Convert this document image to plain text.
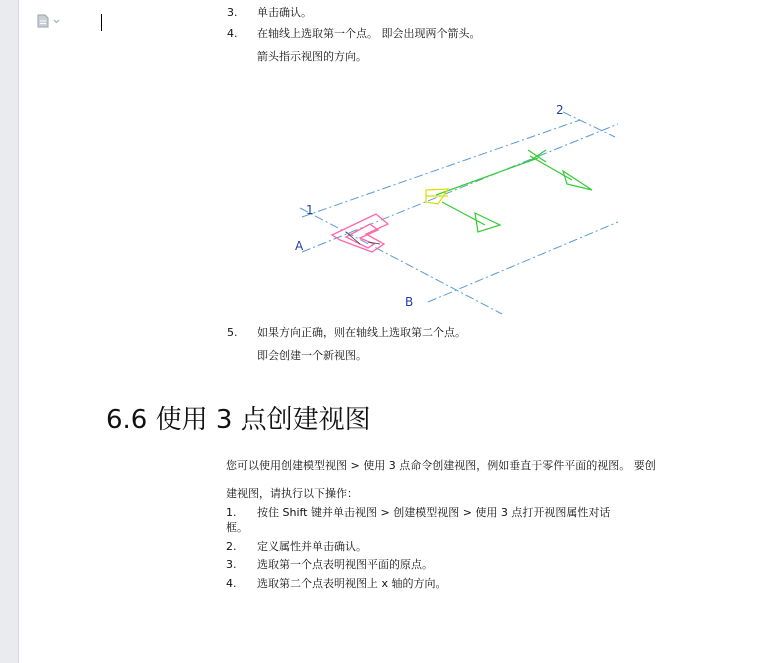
3. 单击确认。
4. 在轴线上选取第一个点。 即会出现两个箭头。
箭头指示视图的方向。
1
2
A
B
5. 如果方向正确，则在轴线上选取第二个点。
即会创建一个新视图。
6.6 使用 3 点创建视图
您可以使用创建模型视图 > 使用 3 点命令创建视图，例如垂直于零件平面的视图。 要创
建视图，请执行以下操作：
1. 按住 Shift 键并单击视图 > 创建模型视图 > 使用 3 点打开视图属性对话
框。
2. 定义属性并单击确认。
3. 选取第一个点表明视图平面的原点。
4. 选取第二个点表明视图上 x 轴的方向。
